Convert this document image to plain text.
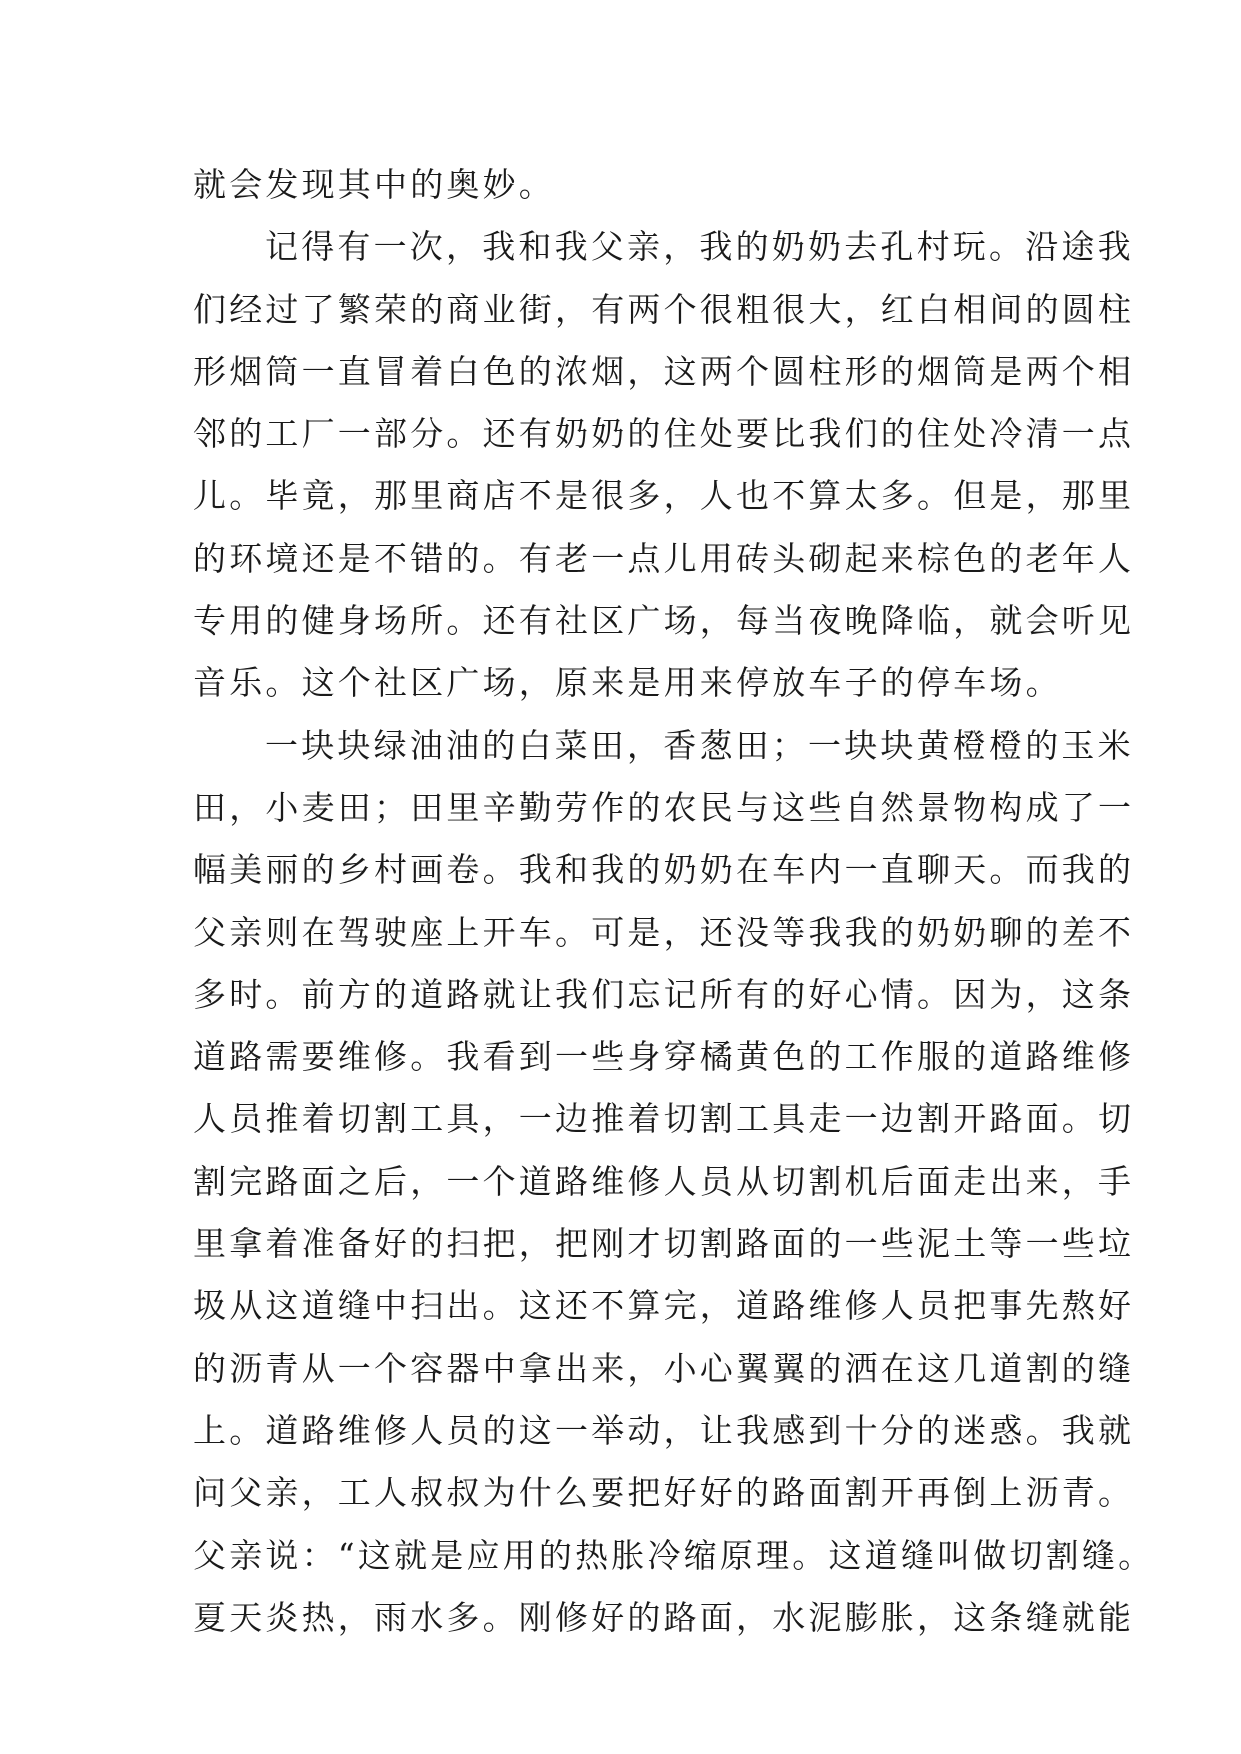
就会发现其中的奥妙。
记得有一次，我和我父亲，我的奶奶去孔村玩。沿途我
们经过了繁荣的商业街，有两个很粗很大，红白相间的圆柱
形烟筒一直冒着白色的浓烟，这两个圆柱形的烟筒是两个相
邻的工厂一部分。还有奶奶的住处要比我们的住处冷清一点
儿。毕竟，那里商店不是很多，人也不算太多。但是，那里
的环境还是不错的。有老一点儿用砖头砌起来棕色的老年人
专用的健身场所。还有社区广场，每当夜晚降临，就会听见
音乐。这个社区广场，原来是用来停放车子的停车场。
一块块绿油油的白菜田，香葱田；一块块黄橙橙的玉米
田，小麦田；田里辛勤劳作的农民与这些自然景物构成了一
幅美丽的乡村画卷。我和我的奶奶在车内一直聊天。而我的
父亲则在驾驶座上开车。可是，还没等我我的奶奶聊的差不
多时。前方的道路就让我们忘记所有的好心情。因为，这条
道路需要维修。我看到一些身穿橘黄色的工作服的道路维修
人员推着切割工具，一边推着切割工具走一边割开路面。切
割完路面之后，一个道路维修人员从切割机后面走出来，手
里拿着准备好的扫把，把刚才切割路面的一些泥土等一些垃
圾从这道缝中扫出。这还不算完，道路维修人员把事先熬好
的沥青从一个容器中拿出来，小心翼翼的洒在这几道割的缝
上。道路维修人员的这一举动，让我感到十分的迷惑。我就
问父亲，工人叔叔为什么要把好好的路面割开再倒上沥青。
父亲说：“这就是应用的热胀冷缩原理。这道缝叫做切割缝。
夏天炎热，雨水多。刚修好的路面，水泥膨胀，这条缝就能
